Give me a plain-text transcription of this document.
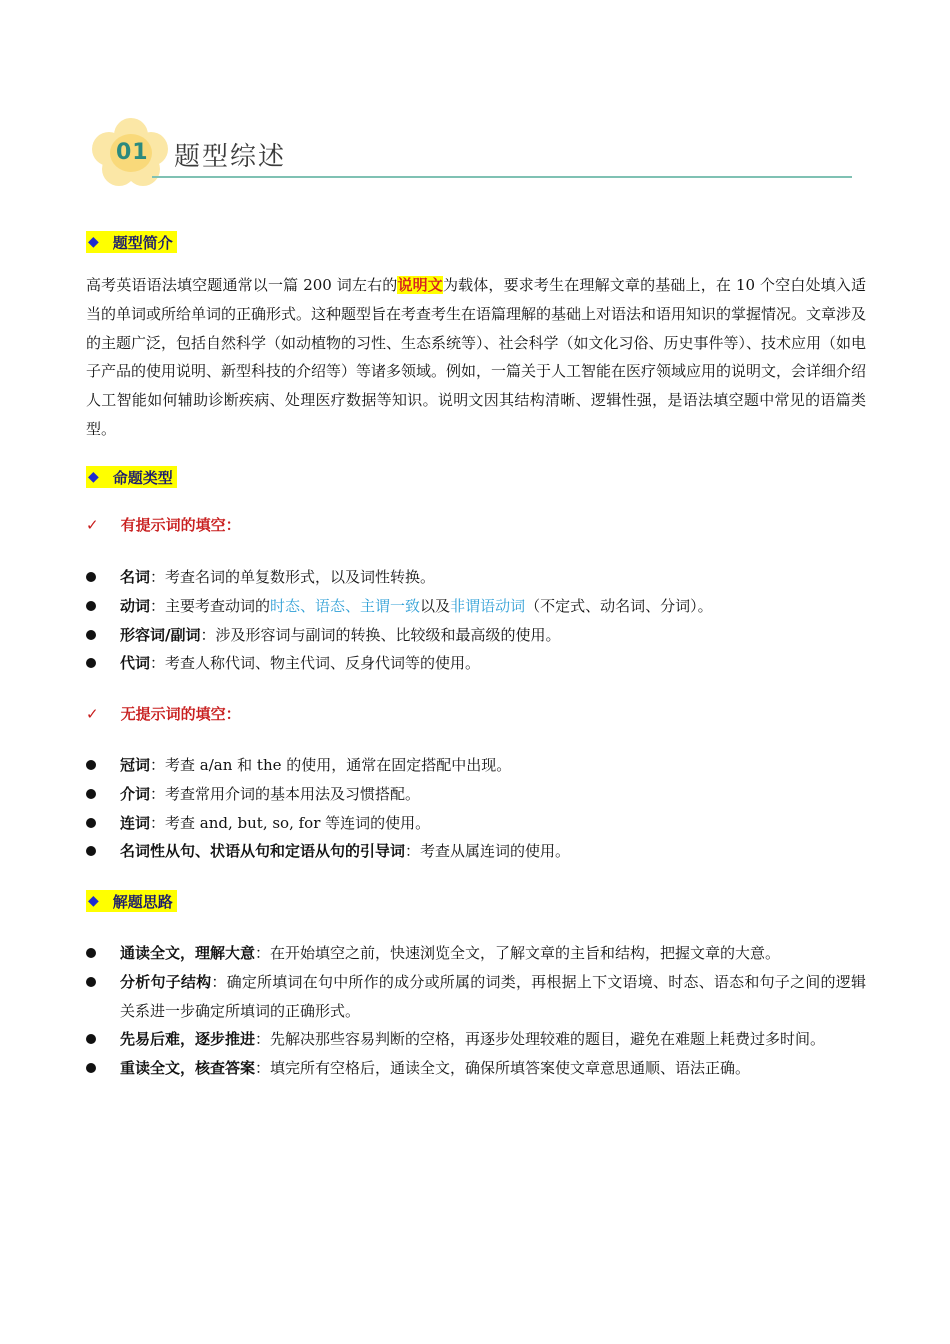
01 题型综述
◆ 题型简介
高考英语语法填空题通常以一篇 200 词左右的说明文为载体，要求考生在理解文章的基础上，在 10 个空白处填入适当的单词或所给单词的正确形式。这种题型旨在考查考生在语篇理解的基础上对语法和语用知识的掌握情况。文章涉及的主题广泛，包括自然科学（如动植物的习性、生态系统等）、社会科学（如文化习俗、历史事件等）、技术应用（如电子产品的使用说明、新型科技的介绍等）等诸多领域。例如，一篇关于人工智能在医疗领域应用的说明文，会详细介绍人工智能如何辅助诊断疾病、处理医疗数据等知识。说明文因其结构清晰、逻辑性强，是语法填空题中常见的语篇类型。
◆ 命题类型
✓ 有提示词的填空：
名词：考查名词的单复数形式，以及词性转换。
动词：主要考查动词的时态、语态、主谓一致以及非谓语动词（不定式、动名词、分词）。
形容词/副词：涉及形容词与副词的转换、比较级和最高级的使用。
代词：考查人称代词、物主代词、反身代词等的使用。
✓ 无提示词的填空：
冠词：考查 a/an 和 the 的使用，通常在固定搭配中出现。
介词：考查常用介词的基本用法及习惯搭配。
连词：考查 and, but, so, for 等连词的使用。
名词性从句、状语从句和定语从句的引导词：考查从属连词的使用。
◆ 解题思路
通读全文，理解大意：在开始填空之前，快速浏览全文，了解文章的主旨和结构，把握文章的大意。
分析句子结构：确定所填词在句中所作的成分或所属的词类，再根据上下文语境、时态、语态和句子之间的逻辑关系进一步确定所填词的正确形式。
先易后难，逐步推进：先解决那些容易判断的空格，再逐步处理较难的题目，避免在难题上耗费过多时间。
重读全文，核查答案：填完所有空格后，通读全文，确保所填答案使文章意思通顺、语法正确。
